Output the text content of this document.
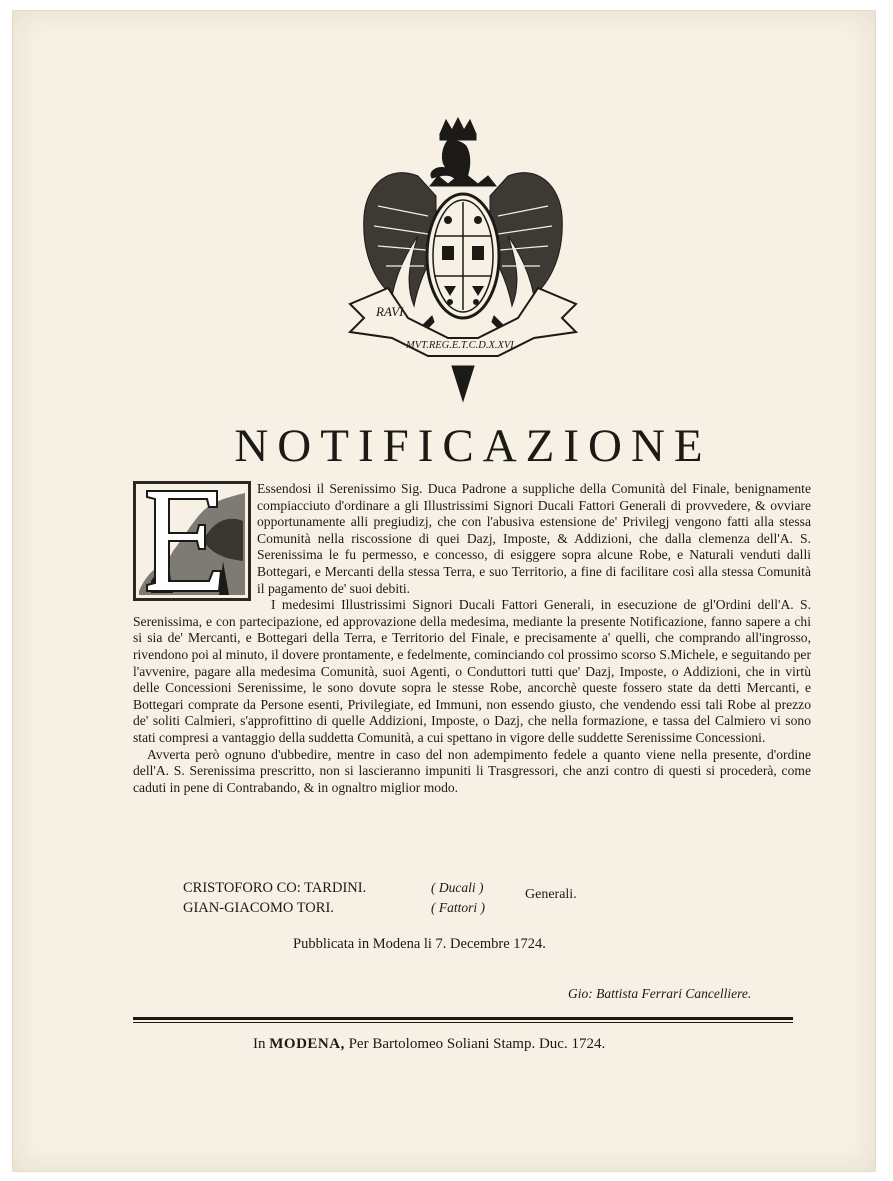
RAVI
MVT.REG.E.T.C.D.X.XVI
NOTIFICAZIONE

Essendosi il Serenissimo Sig. Duca Padrone a suppliche della Comunità del Finale, benignamente compiacciuto d'ordinare a gli Illustrissimi Signori Ducali Fattori Generali di provvedere, & ovviare opportunamente alli pregiudizj, che con l'abusiva estensione de' Privilegj vengono fatti alla stessa Comunità nella riscossione di quei Dazj, Imposte, & Addizioni, che dalla clemenza dell'A. S. Serenissima le fu permesso, e concesso, di esiggere sopra alcune Robe, e Naturali venduti dalli Bottegari, e Mercanti della stessa Terra, e suo Territorio, a fine di facilitare così alla stessa Comunità il pagamento de' suoi debiti.

I medesimi Illustrissimi Signori Ducali Fattori Generali, in esecuzione de gl'Ordini dell'A. S. Serenissima, e con partecipazione, ed approvazione della medesima, mediante la presente Notificazione, fanno sapere a chi si sia de' Mercanti, e Bottegari della Terra, e Territorio del Finale, e precisamente a' quelli, che comprando all'ingrosso, rivendono poi al minuto, il dovere prontamente, e fedelmente, cominciando col prossimo scorso S.Michele, e seguitando per l'avvenire, pagare alla medesima Comunità, suoi Agenti, o Conduttori tutti que' Dazj, Imposte, o Addizioni, che in virtù delle Concessioni Serenissime, le sono dovute sopra le stesse Robe, ancorchè queste fossero state da detti Mercanti, e Bottegari comprate da Persone esenti, Privilegiate, ed Immuni, non essendo giusto, che vendendo essi tali Robe al prezzo de' soliti Calmieri, s'approfittino di quelle Addizioni, Imposte, o Dazj, che nella formazione, e tassa del Calmiero vi sono stati compresi a vantaggio della suddetta Comunità, a cui spettano in vigore delle suddette Serenissime Concessioni.

Avverta però ognuno d'ubbedire, mentre in caso del non adempimento fedele a quanto viene nella presente, d'ordine dell'A. S. Serenissima prescritto, non si lascieranno impuniti li Trasgressori, che anzi contro di questi si procederà, come caduti in pene di Contrabando, & in ognaltro miglior modo.

CRISTOFORO CO: TARDINI.	( Ducali )
GIAN-GIACOMO TORI.	( Fattori )
Generali.
Pubblicata in Modena li 7. Decembre 1724.
Gio: Battista Ferrari Cancelliere.
In MODENA, Per Bartolomeo Soliani Stamp. Duc. 1724.
